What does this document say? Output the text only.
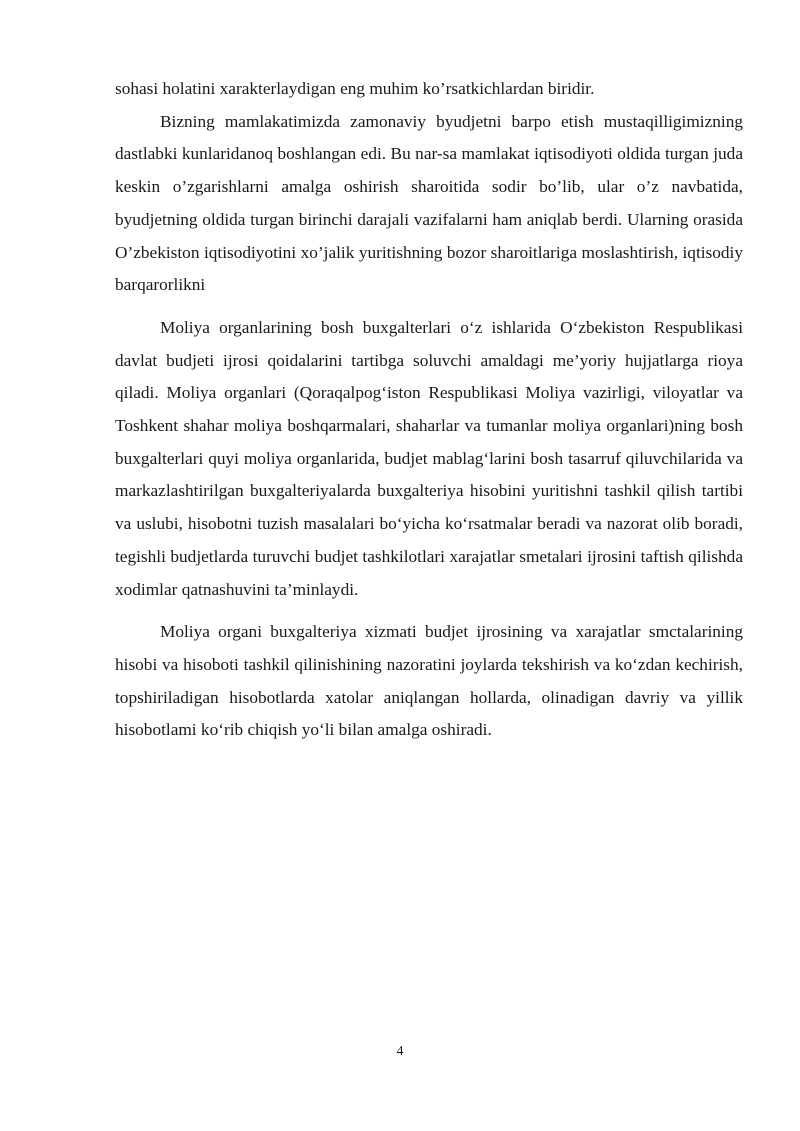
sohasi holatini xarakterlaydigan eng muhim ko’rsatkichlardan biridir.

Bizning mamlakatimizda zamonaviy byudjetni barpo etish mustaqilligimizning dastlabki kunlaridanoq boshlangan edi. Bu nar-sa mamlakat iqtisodiyoti oldida turgan juda keskin o’zgarishlarni amalga oshirish sharoitida sodir bo’lib, ular o’z navbatida, byudjetning oldida turgan birinchi darajali vazifalarni ham aniqlab berdi. Ularning orasida O’zbekiston iqtisodiyotini xo’jalik yuritishning bozor sharoitlariga moslashtirish, iqtisodiy barqarorlikni

Moliya organlarining bosh buxgalterlari o‘z ishlarida O‘zbekiston Respublikasi davlat budjeti ijrosi qoidalarini tartibga soluvchi amaldagi me’yoriy hujjatlarga rioya qiladi. Moliya organlari (Qoraqalpog‘iston Respublikasi Moliya vazirligi, viloyatlar va Toshkent shahar moliya boshqarmalari, shaharlar va tumanlar moliya organlari)ning bosh buxgalterlari quyi moliya organlarida, budjet mablag‘larini bosh tasarruf qiluvchilarida va markazlashtirilgan buxgalteriyalarda buxgalteriya hisobini yuritishni tashkil qilish tartibi va uslubi, hisobotni tuzish masalalari bo‘yicha ko‘rsatmalar beradi va nazorat olib boradi, tegishli budjetlarda turuvchi budjet tashkilotlari xarajatlar smetalari ijrosini taftish qilishda xodimlar qatnashuvini ta’minlaydi.

Moliya organi buxgalteriya xizmati budjet ijrosining va xarajatlar smctalarining hisobi va hisoboti tashkil qilinishining nazoratini joylarda tekshirish va ko‘zdan kechirish, topshiriladigan hisobotlarda xatolar aniqlangan hollarda, olinadigan davriy va yillik hisobotlami ko‘rib chiqish yo‘li bilan amalga oshiradi.

4
